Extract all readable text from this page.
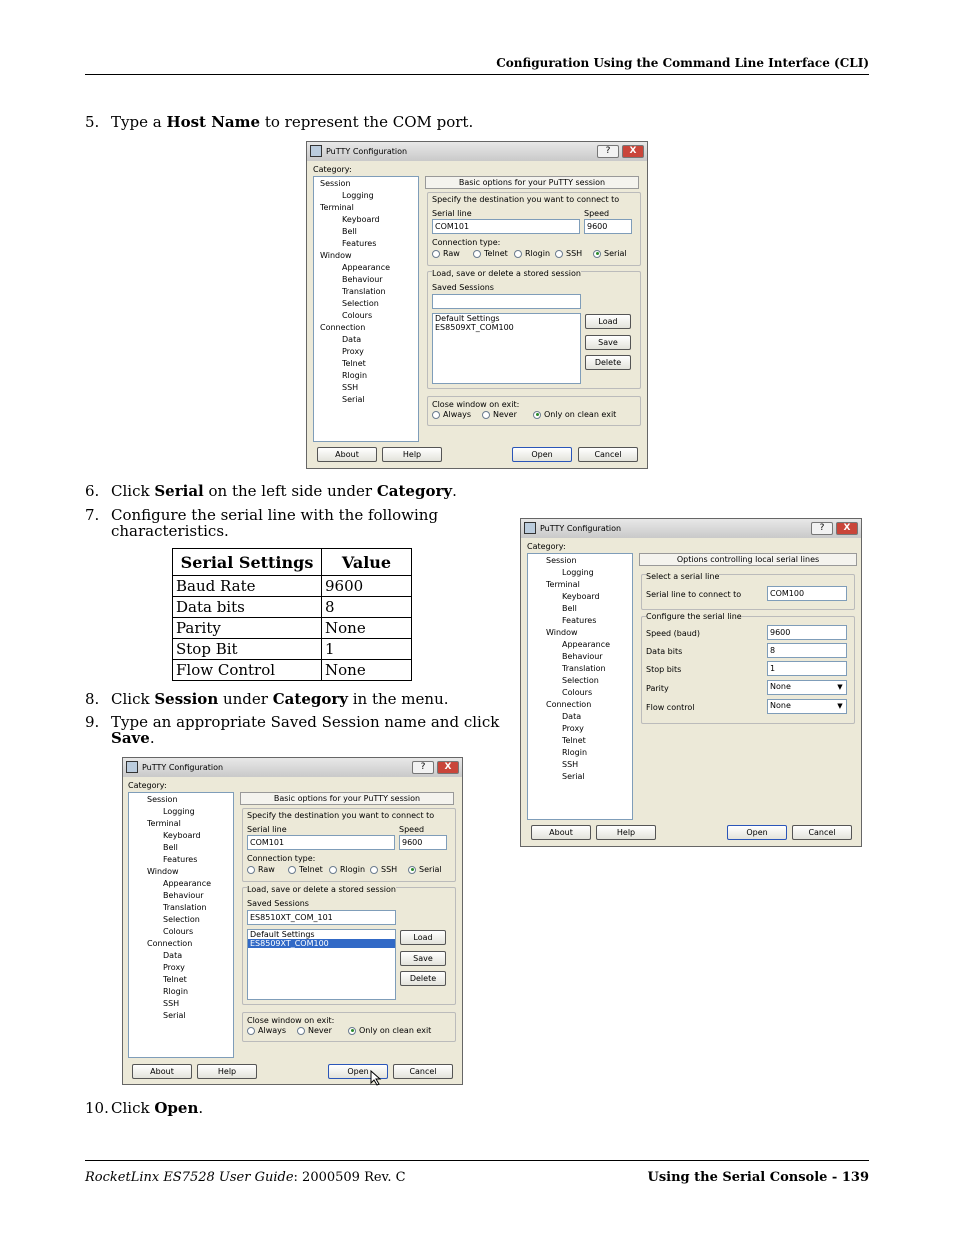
Configuration Using the Command Line Interface (CLI)
5. Type a Host Name to represent the COM port.
PuTTY Configuration	?	X
Category:
Session
Logging
Terminal
Keyboard
Bell
Features
Window
Appearance
Behaviour
Translation
Selection
Colours
Connection
Data
Proxy
Telnet
Rlogin
SSH
Serial
Basic options for your PuTTY session
Specify the destination you want to connect to
Serial line	Speed
COM101	9600
Connection type:
Raw	Telnet	Rlogin	SSH	Serial
Load, save or delete a stored session
Saved Sessions
Default Settings
ES8509XT_COM100
Load
Save
Delete
Close window on exit:
Always	Never	Only on clean exit
About	Help	Open	Cancel
6. Click Serial on the left side under Category.
7. Configure the serial line with the following
characteristics.
Serial Settings	Value
Baud Rate	9600
Data bits	8
Parity	None
Stop Bit	1
Flow Control	None
8. Click Session under Category in the menu.
9. Type an appropriate Saved Session name and click
Save.
PuTTY Configuration	?	X
Category:
Session
Logging
Terminal
Keyboard
Bell
Features
Window
Appearance
Behaviour
Translation
Selection
Colours
Connection
Data
Proxy
Telnet
Rlogin
SSH
Serial
Options controlling local serial lines
Select a serial line
Serial line to connect to	COM100
Configure the serial line
Speed (baud)	9600
Data bits	8
Stop bits	1
Parity	None	▼
Flow control	None	▼
About	Help	Open	Cancel
PuTTY Configuration	?	X
Category:
Session
Logging
Terminal
Keyboard
Bell
Features
Window
Appearance
Behaviour
Translation
Selection
Colours
Connection
Data
Proxy
Telnet
Rlogin
SSH
Serial
Basic options for your PuTTY session
Specify the destination you want to connect to
Serial line	Speed
COM101	9600
Connection type:
Raw	Telnet	Rlogin	SSH	Serial
Load, save or delete a stored session
Saved Sessions
ES8510XT_COM_101
Default Settings
ES8509XT_COM100
Load
Save
Delete
Close window on exit:
Always	Never	Only on clean exit
About	Help	Open	Cancel
10. Click Open.
RocketLinx ES7528 User Guide: 2000509 Rev. C	Using the Serial Console - 139
